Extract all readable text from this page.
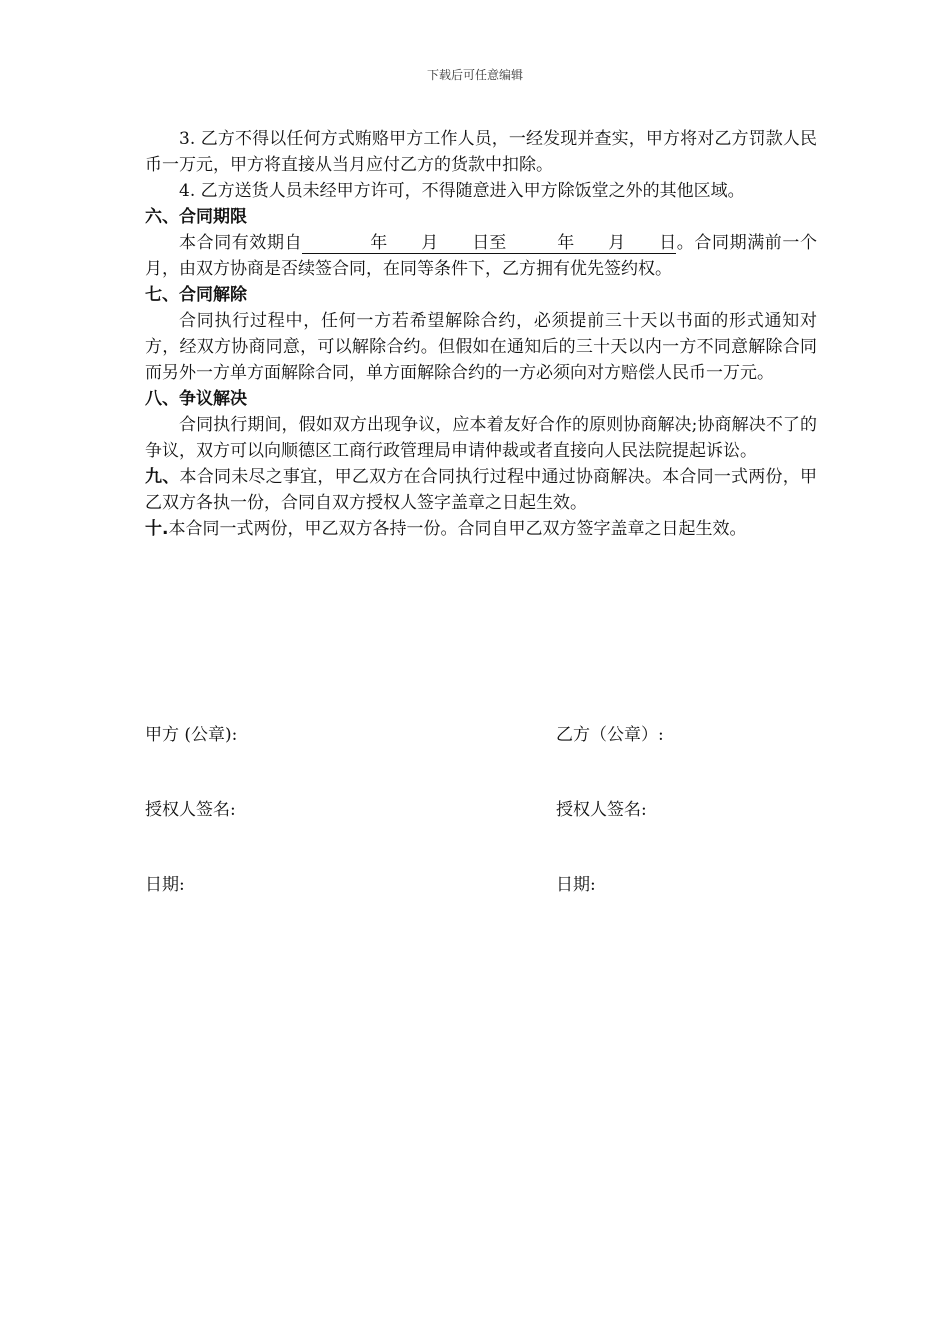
下载后可任意编辑

3. 乙方不得以任何方式贿赂甲方工作人员，一经发现并查实，甲方将对乙方罚款人民币一万元，甲方将直接从当月应付乙方的货款中扣除。

4. 乙方送货人员未经甲方许可，不得随意进入甲方除饭堂之外的其他区域。

六、合同期限

本合同有效期自　　年　　月　　日至　　　年　　月　　日。合同期满前一个月，由双方协商是否续签合同，在同等条件下，乙方拥有优先签约权。

七、合同解除

合同执行过程中，任何一方若希望解除合约，必须提前三十天以书面的形式通知对方，经双方协商同意，可以解除合约。但假如在通知后的三十天以内一方不同意解除合同而另外一方单方面解除合同，单方面解除合约的一方必须向对方赔偿人民币一万元。

八、争议解决

合同执行期间，假如双方出现争议，应本着友好合作的原则协商解决;协商解决不了的争议，双方可以向顺德区工商行政管理局申请仲裁或者直接向人民法院提起诉讼。

九、本合同未尽之事宜，甲乙双方在合同执行过程中通过协商解决。本合同一式两份，甲乙双方各执一份，合同自双方授权人签字盖章之日起生效。

十.本合同一式两份，甲乙双方各持一份。合同自甲乙双方签字盖章之日起生效。

甲方 (公章):	乙方（公章）:
授权人签名:	授权人签名:
日期:	日期:
